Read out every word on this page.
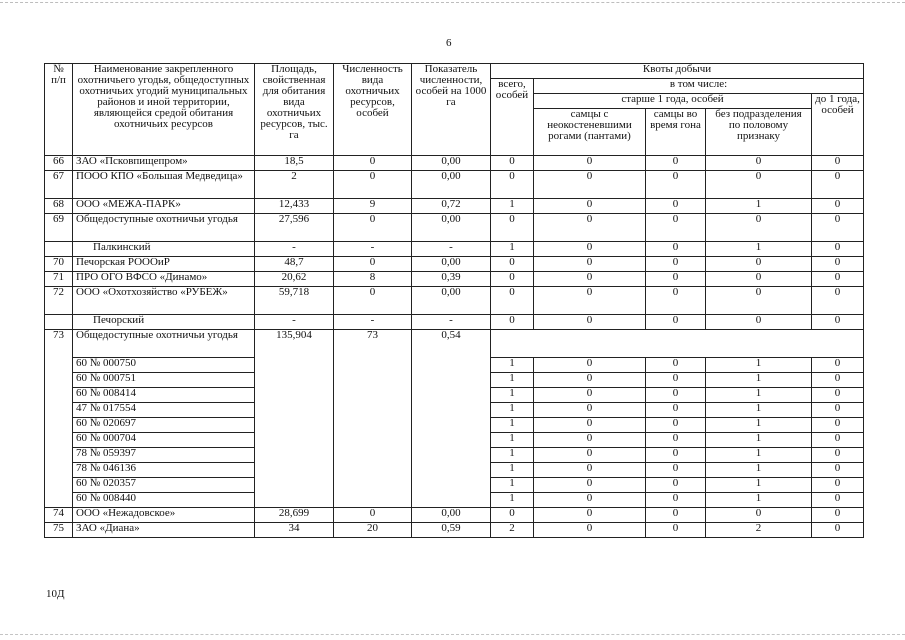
6
№ п/п	Наименование закрепленного охотничьего угодья, общедоступных охотничьих угодий муниципальных районов и иной территории, являющейся средой обитания охотничьих ресурсов	Площадь, свойственная для обитания вида охотничьих ресурсов, тыс. га	Численность вида охотничьих ресурсов, особей	Показатель численности, особей на 1000 га	Квоты добычи				
					всего, особей	в том числе:			
						старше 1 года, особей			до 1 года, особей
						самцы с неокостеневшими рогами (пантами)	самцы во время гона	без подразделения по половому признаку	
66	ЗАО «Псковпищепром»	18,5	0	0,00	0	0	0	0	0
67	ПООО КПО «Большая Медведица»	2	0	0,00	0	0	0	0	0
68	ООО «МЕЖА-ПАРК»	12,433	9	0,72	1	0	0	1	0
69	Общедоступные охотничьи угодья	27,596	0	0,00	0	0	0	0	0
	Палкинский	-	-	-	1	0	0	1	0
70	Печорская РОООиР	48,7	0	0,00	0	0	0	0	0
71	ПРО ОГО ВФСО «Динамо»	20,62	8	0,39	0	0	0	0	0
72	ООО «Охотхозяйство «РУБЕЖ»	59,718	0	0,00	0	0	0	0	0
	Печорский	-	-	-	0	0	0	0	0
73	Общедоступные охотничьи угодья	135,904	73	0,54					
	60 № 000750				1	0	0	1	0
	60 № 000751				1	0	0	1	0
	60 № 008414				1	0	0	1	0
	47 № 017554				1	0	0	1	0
	60 № 020697				1	0	0	1	0
	60 № 000704				1	0	0	1	0
	78 № 059397				1	0	0	1	0
	78 № 046136				1	0	0	1	0
	60 № 020357				1	0	0	1	0
	60 № 008440				1	0	0	1	0
74	ООО «Нежадовское»	28,699	0	0,00	0	0	0	0	0
75	ЗАО «Диана»	34	20	0,59	2	0	0	2	0
10Д
